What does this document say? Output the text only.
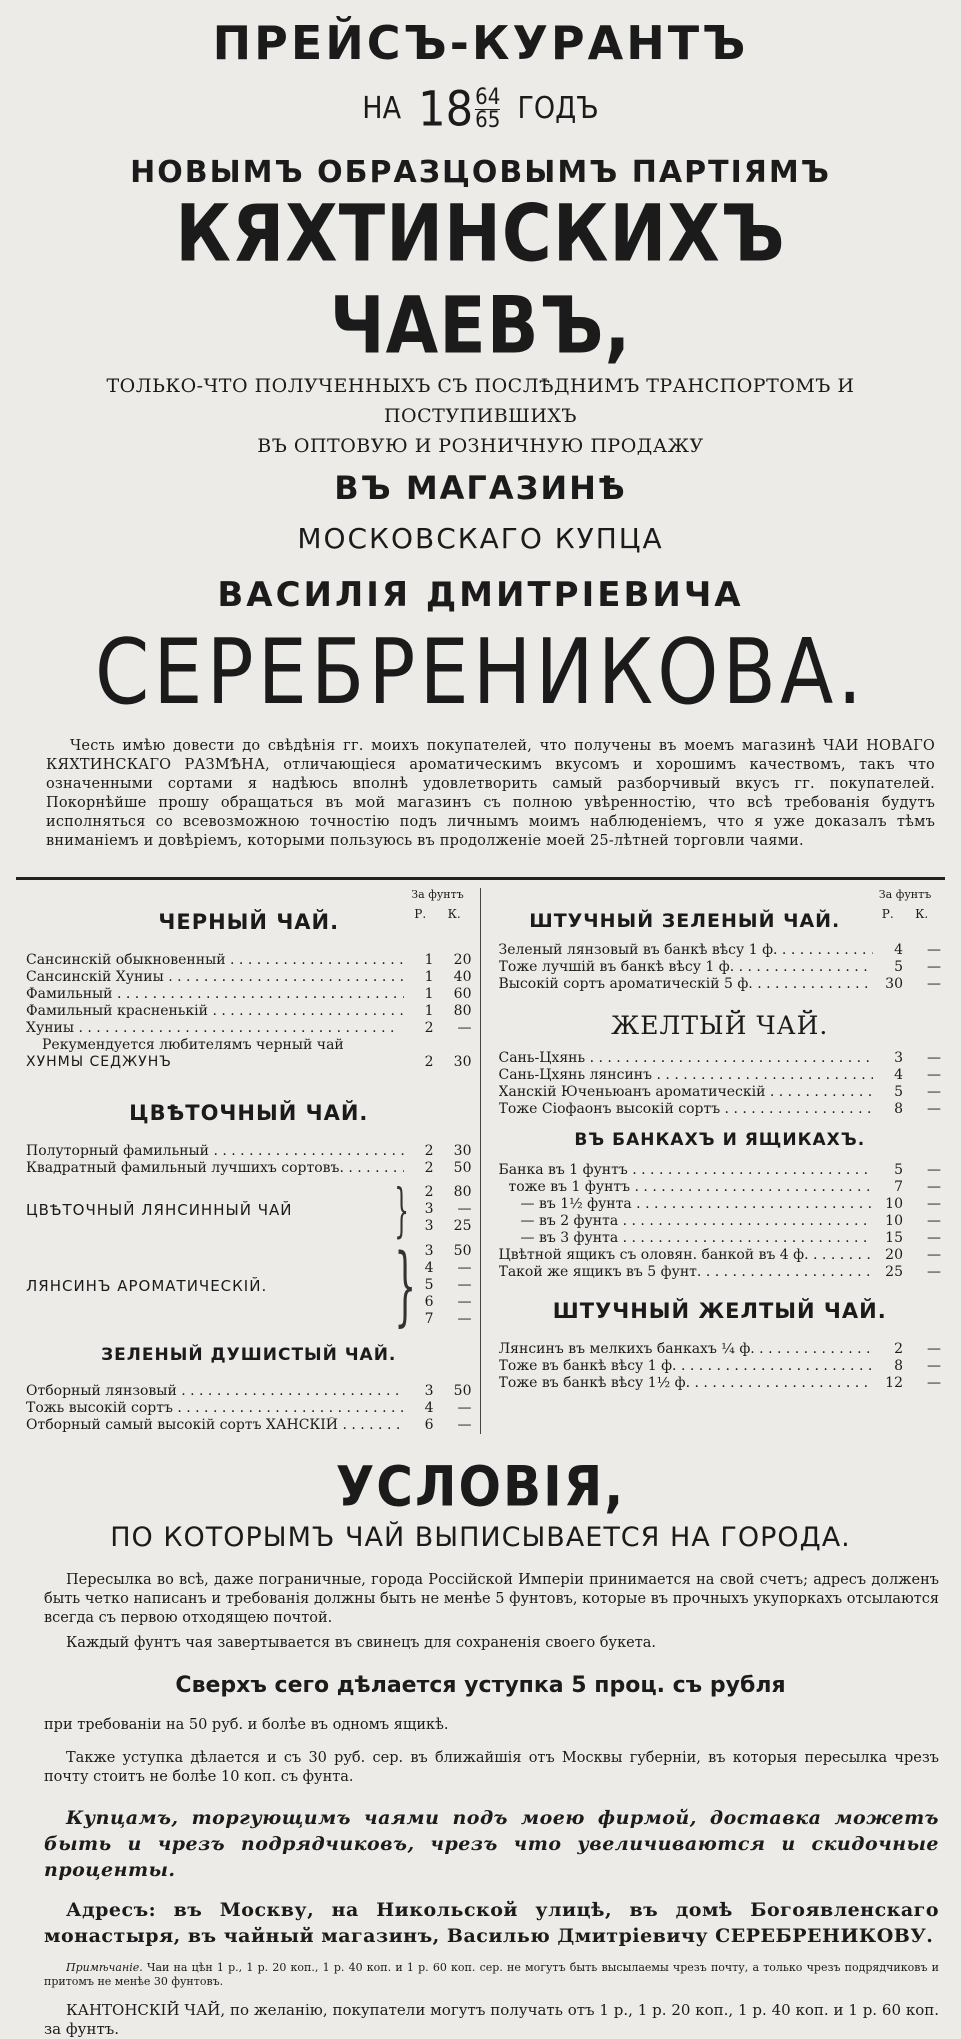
ПРЕЙСЪ-КУРАНТЪ
НА $18 \frac{64}{65}$ ГОДЪ
НОВЫМЪ ОБРАЗЦОВЫМЪ ПАРТІЯМЪ
КЯХТИНСКИХЪ ЧАЕВЪ,
ТОЛЬКО-ЧТО ПОЛУЧЕННЫХЪ СЪ ПОСЛѢДНИМЪ ТРАНСПОРТОМЪ И ПОСТУПИВШИХЪ
ВЪ ОПТОВУЮ И РОЗНИЧНУЮ ПРОДАЖУ
ВЪ МАГАЗИНѢ
МОСКОВСКАГО КУПЦА
ВАСИЛІЯ ДМИТРІЕВИЧА
СЕРЕБРЕНИКОВА.
Честь имѣю довести до свѣдѣнія гг. моихъ покупателей, что получены въ моемъ магазинѣ ЧАИ НОВАГО КЯХТИНСКАГО РАЗМѢНА, отличающіеся ароматическимъ вкусомъ и хорошимъ качествомъ, такъ что означенными сортами я надѣюсь вполнѣ удовлетворить самый разборчивый вкусъ гг. покупателей. Покорнѣйше прошу обращаться въ мой магазинъ съ полною увѣренностію, что всѣ требованія будутъ исполняться со всевозможною точностію подъ личнымъ моимъ наблюденіемъ, что я уже доказалъ тѣмъ вниманіемъ и довѣріемъ, которыми пользуюсь въ продолженіе моей 25-лѣтней торговли чаями.
За фунтъ
Р. К.
ЧЕРНЫЙ ЧАЙ.
Сансинскій обыкновенный . . .	1	20
Сансинскій Хуниы . . .	1	40
Фамильный . . .	1	60
Фамильный красненькій . . .	1	80
Хуниы . . .	2	—
Рекумендуется любителямъ черный чай
ХУНМЫ СЕДЖУНЪ	2	30
ЦВѢТОЧНЫЙ ЧАЙ.
Полуторный фамильный . . .	2	30
Квадратный фамильный лучшихъ сортовъ. . . .	2	50
ЦВѢТОЧНЫЙ ЛЯНСИННЫЙ ЧАЙ	}	2	80
3	—
3	25
ЛЯНСИНЪ АРОМАТИЧЕСКІЙ.	} 3	50
4	—
5	—
6	—
7	—
ЗЕЛЕНЫЙ ДУШИСТЫЙ ЧАЙ.
Отборный лянзовый . . .	3	50
Тожь высокій сортъ . . .	4	—
Отборный самый высокій сортъ ХАНСКІЙ . . .	6	—
За фунтъ
Р. К.
ШТУЧНЫЙ ЗЕЛЕНЫЙ ЧАЙ.
Зеленый лянзовый въ банкѣ вѣсу 1 ф. . . .	4	—
Тоже лучшій въ банкѣ вѣсу 1 ф. . . .	5	—
Высокій сортъ ароматическій 5 ф. . . .	30	—
ЖЕЛТЫЙ ЧАЙ.
Сань-Цхянь . . .	3	—
Сань-Цхянь лянсинъ . . .	4	—
Ханскій Юченьюанъ ароматическій . . .	5	—
Тоже Сіофаонъ высокій сортъ . . .	8	—
ВЪ БАНКАХЪ И ЯЩИКАХЪ.
Банка въ 1 фунтъ . . .	5	—
тоже въ 1 фунтъ . . .	7	—
— въ 1½ фунта . . .	10	—
— въ 2 фунта . . .	10	—
— въ 3 фунта . . .	15	—
Цвѣтной ящикъ съ оловян. банкой въ 4 ф. . . .	20	—
Такой же ящикъ въ 5 фунт. . . .	25	—
ШТУЧНЫЙ ЖЕЛТЫЙ ЧАЙ.
Лянсинъ въ мелкихъ банкахъ ¼ ф. . . .	2	—
Тоже въ банкѣ вѣсу 1 ф. . . .	8	—
Тоже въ банкѣ вѣсу 1½ ф. . . .	12	—
УСЛОВІЯ,
ПО КОТОРЫМЪ ЧАЙ ВЫПИСЫВАЕТСЯ НА ГОРОДА.
Пересылка во всѣ, даже пограничные, города Россійской Имперіи принимается на свой счетъ; адресъ долженъ быть четко написанъ и требованія должны быть не менѣе 5 фунтовъ, которые въ прочныхъ укупоркахъ отсылаются всегда съ первою отходящею почтой.
Каждый фунтъ чая завертывается въ свинецъ для сохраненія своего букета.
Сверхъ сего дѣлается уступка 5 проц. съ рубля
при требованіи на 50 руб. и болѣе въ одномъ ящикѣ.
Также уступка дѣлается и съ 30 руб. сер. въ ближайшія отъ Москвы губерніи, въ которыя пересылка чрезъ почту стоитъ не болѣе 10 коп. съ фунта.
Купцамъ, торгующимъ чаями подъ моею фирмой, доставка можетъ быть и чрезъ подрядчиковъ, чрезъ что увеличиваются и скидочные проценты.
Адресъ: въ Москву, на Никольской улицѣ, въ домѣ Богоявленскаго монастыря, въ чайный магазинъ, Василью Дмитріевичу СЕРЕБРЕНИКОВУ.
Примѣчаніе. Чаи на цѣн 1 р., 1 р. 20 коп., 1 р. 40 коп. и 1 р. 60 коп. сер. не могутъ быть высылаемы чрезъ почту, а только чрезъ подрядчиковъ и притомъ не менѣе 30 фунтовъ.
КАНТОНСКІЙ ЧАЙ, по желанію, покупатели могутъ получать отъ 1 р., 1 р. 20 коп., 1 р. 40 коп. и 1 р. 60 коп. за фунтъ.
